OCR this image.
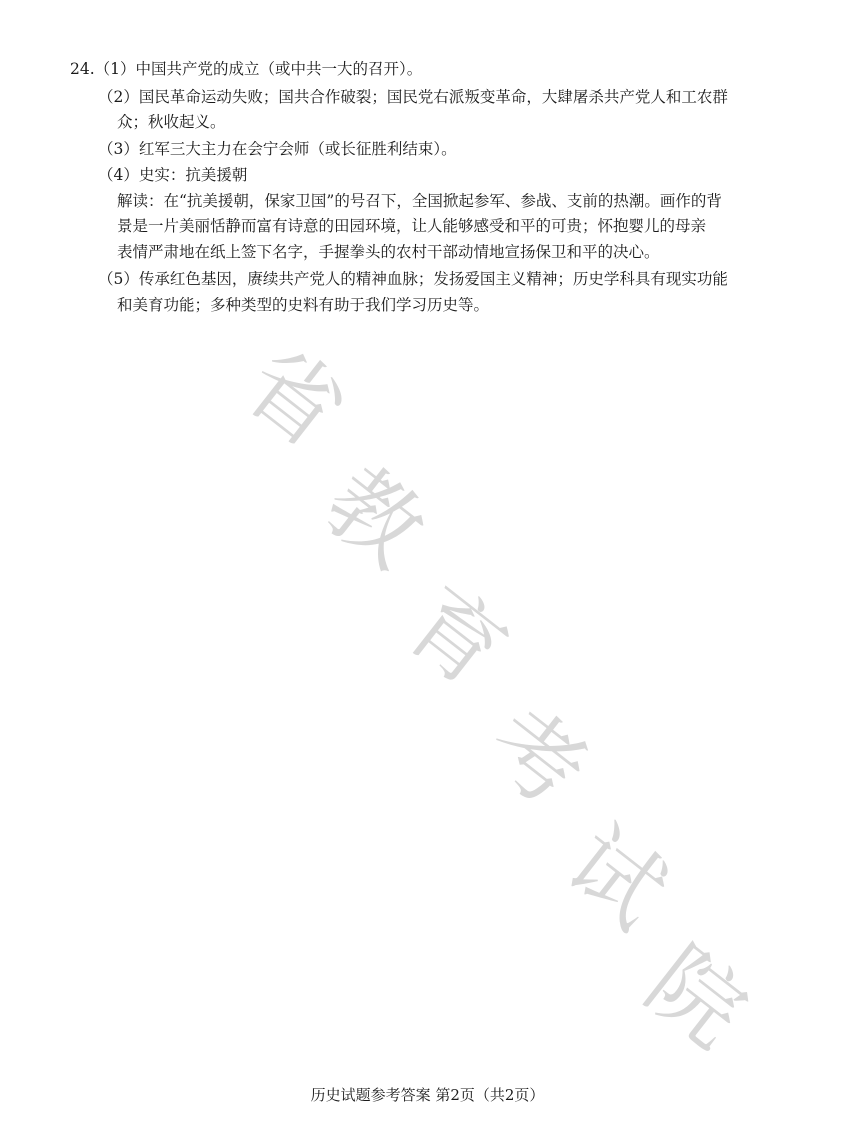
省
教
育
考
试
院
24.（1）中国共产党的成立（或中共一大的召开）。
（2）国民革命运动失败；国共合作破裂；国民党右派叛变革命，大肆屠杀共产党人和工农群
众；秋收起义。
（3）红军三大主力在会宁会师（或长征胜利结束）。
（4）史实：抗美援朝
解读：在“抗美援朝，保家卫国”的号召下，全国掀起参军、参战、支前的热潮。画作的背
景是一片美丽恬静而富有诗意的田园环境，让人能够感受和平的可贵；怀抱婴儿的母亲
表情严肃地在纸上签下名字，手握拳头的农村干部动情地宣扬保卫和平的决心。
（5）传承红色基因，赓续共产党人的精神血脉；发扬爱国主义精神；历史学科具有现实功能
和美育功能；多种类型的史料有助于我们学习历史等。
历史试题参考答案 第2页（共2页）
